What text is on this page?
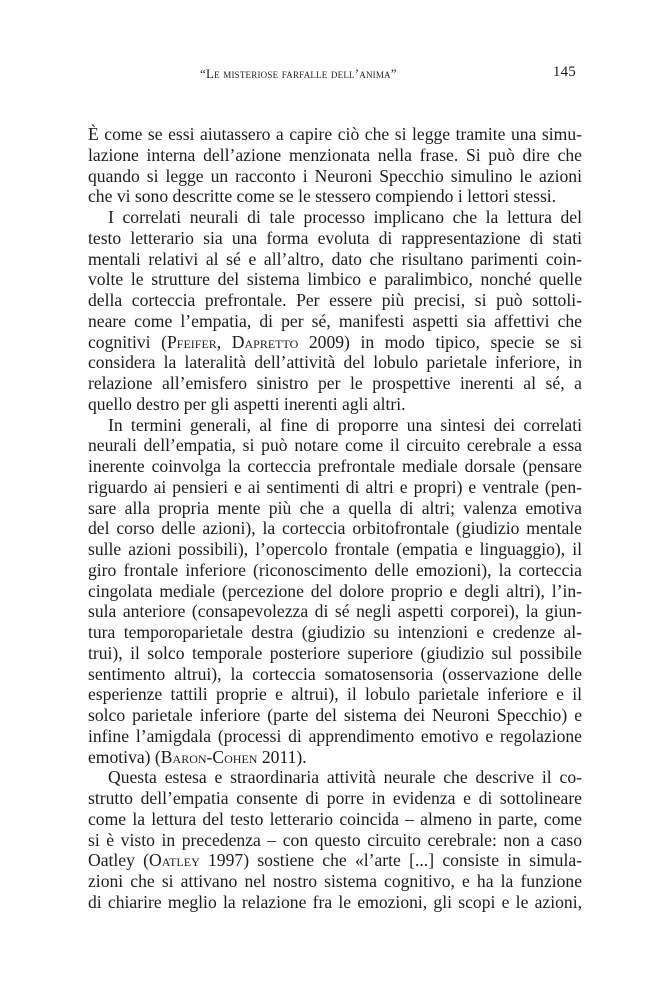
“Le misteriose farfalle dell’anima”	145
È come se essi aiutassero a capire ciò che si legge tramite una simu-
lazione interna dell’azione menzionata nella frase. Si può dire che
quando si legge un racconto i Neuroni Specchio simulino le azioni
che vi sono descritte come se le stessero compiendo i lettori stessi.
I correlati neurali di tale processo implicano che la lettura del
testo letterario sia una forma evoluta di rappresentazione di stati
mentali relativi al sé e all’altro, dato che risultano parimenti coin-
volte le strutture del sistema limbico e paralimbico, nonché quelle
della corteccia prefrontale. Per essere più precisi, si può sottoli-
neare come l’empatia, di per sé, manifesti aspetti sia affettivi che
cognitivi (Pfeifer, Dapretto 2009) in modo tipico, specie se si
considera la lateralità dell’attività del lobulo parietale inferiore, in
relazione all’emisfero sinistro per le prospettive inerenti al sé, a
quello destro per gli aspetti inerenti agli altri.
In termini generali, al fine di proporre una sintesi dei correlati
neurali dell’empatia, si può notare come il circuito cerebrale a essa
inerente coinvolga la corteccia prefrontale mediale dorsale (pensare
riguardo ai pensieri e ai sentimenti di altri e propri) e ventrale (pen-
sare alla propria mente più che a quella di altri; valenza emotiva
del corso delle azioni), la corteccia orbitofrontale (giudizio mentale
sulle azioni possibili), l’opercolo frontale (empatia e linguaggio), il
giro frontale inferiore (riconoscimento delle emozioni), la corteccia
cingolata mediale (percezione del dolore proprio e degli altri), l’in-
sula anteriore (consapevolezza di sé negli aspetti corporei), la giun-
tura temporoparietale destra (giudizio su intenzioni e credenze al-
trui), il solco temporale posteriore superiore (giudizio sul possibile
sentimento altrui), la corteccia somatosensoria (osservazione delle
esperienze tattili proprie e altrui), il lobulo parietale inferiore e il
solco parietale inferiore (parte del sistema dei Neuroni Specchio) e
infine l’amigdala (processi di apprendimento emotivo e regolazione
emotiva) (Baron-Cohen 2011).
Questa estesa e straordinaria attività neurale che descrive il co-
strutto dell’empatia consente di porre in evidenza e di sottolineare
come la lettura del testo letterario coincida – almeno in parte, come
si è visto in precedenza – con questo circuito cerebrale: non a caso
Oatley (Oatley 1997) sostiene che «l’arte [...] consiste in simula-
zioni che si attivano nel nostro sistema cognitivo, e ha la funzione
di chiarire meglio la relazione fra le emozioni, gli scopi e le azioni,
